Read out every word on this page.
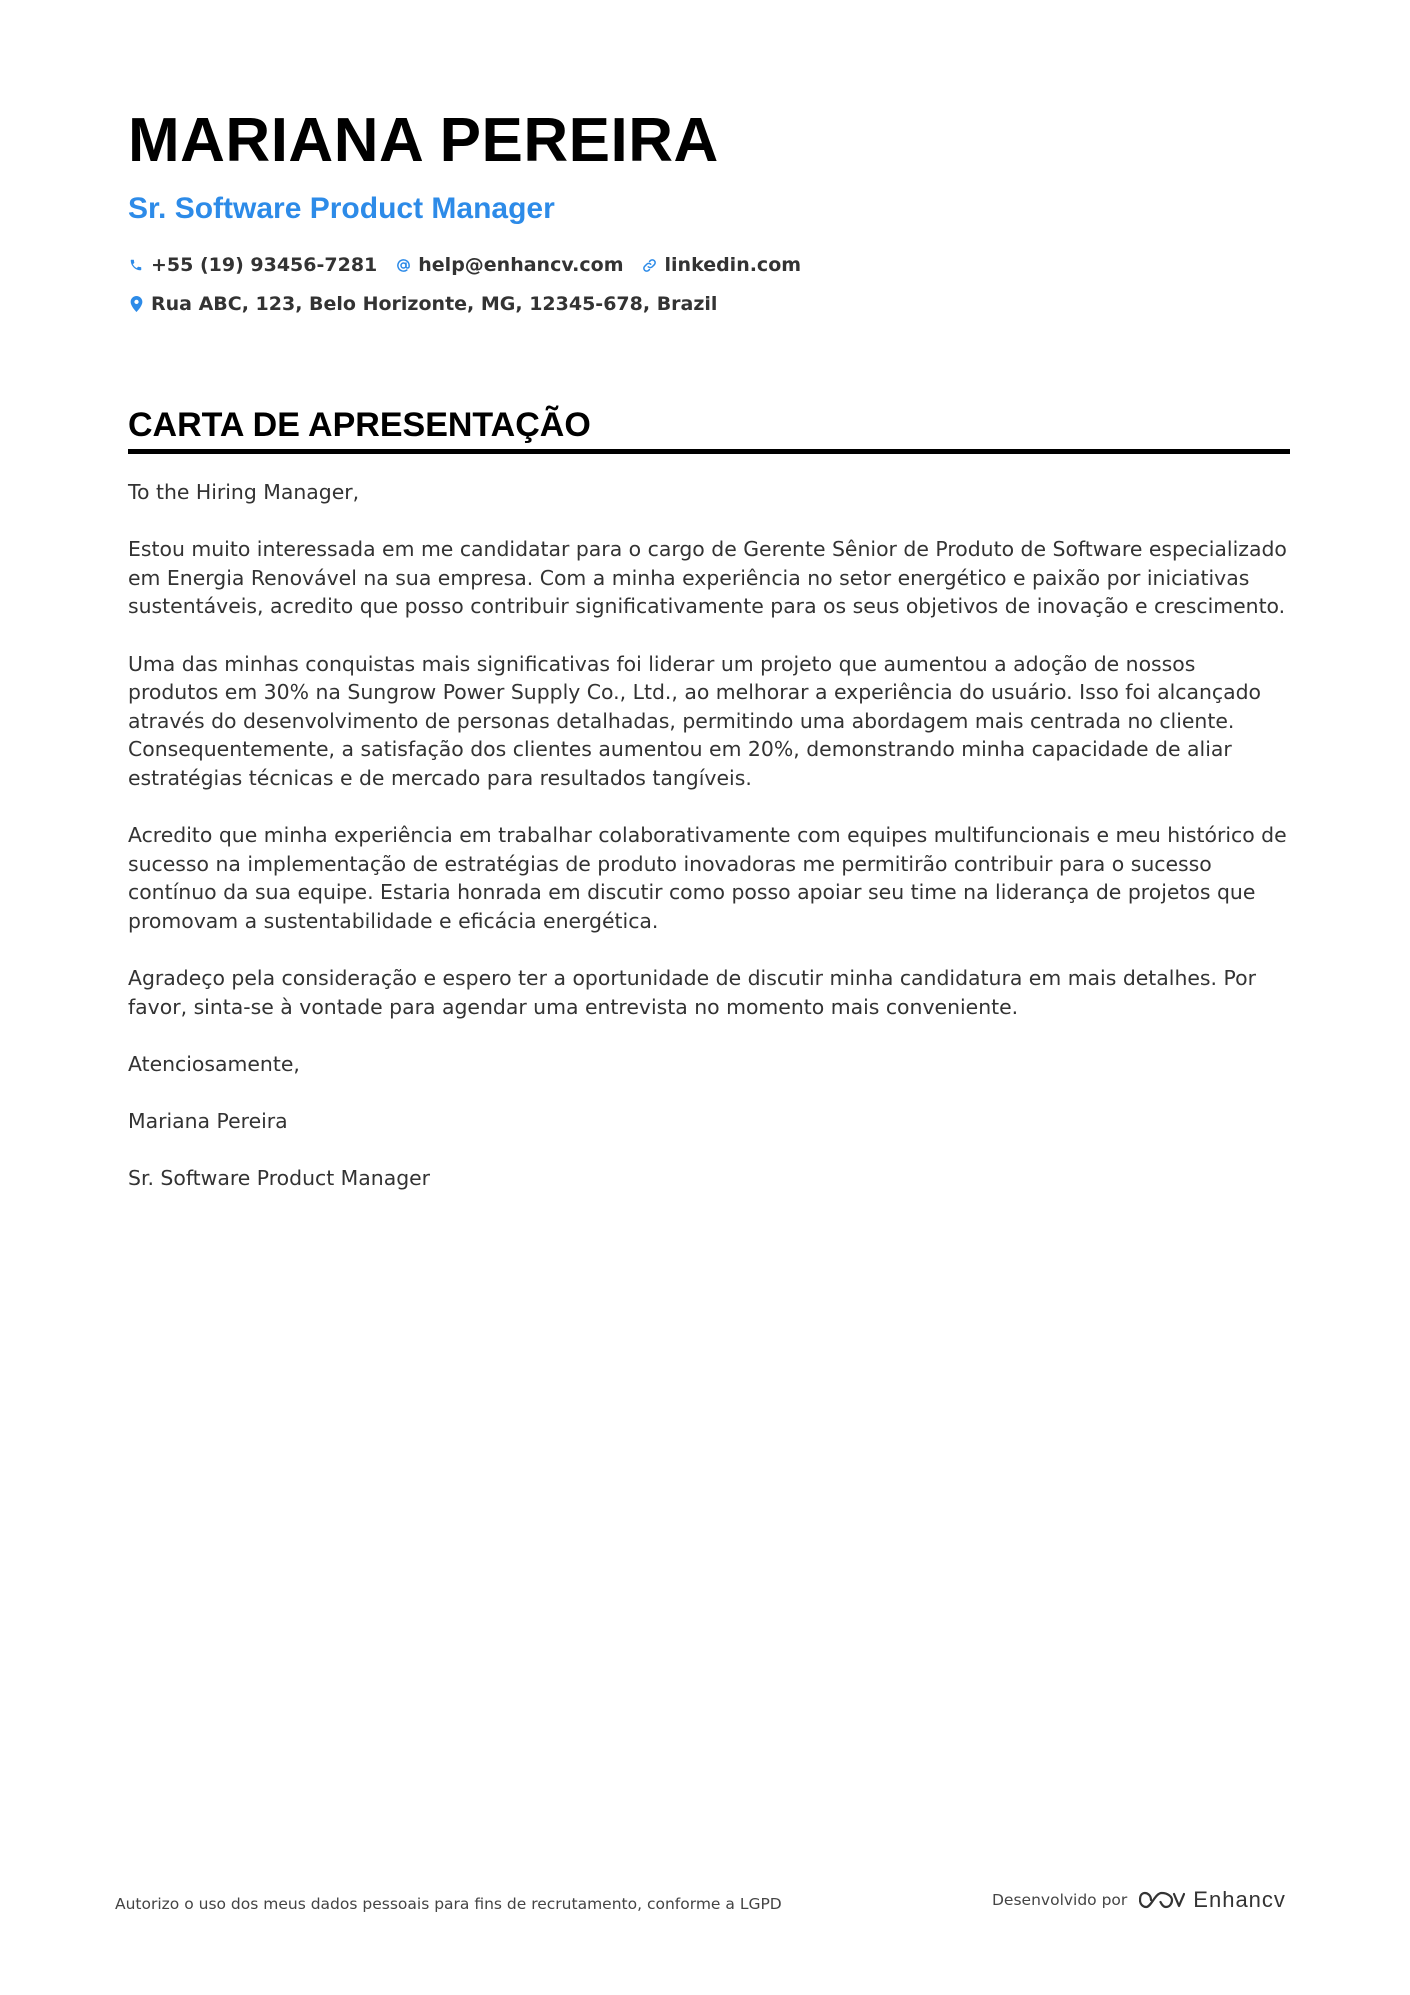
MARIANA PEREIRA
Sr. Software Product Manager
+55 (19) 93456-7281 help@enhancv.com linkedin.com
Rua ABC, 123, Belo Horizonte, MG, 12345-678, Brazil
CARTA DE APRESENTAÇÃO

To the Hiring Manager,

Estou muito interessada em me candidatar para o cargo de Gerente Sênior de Produto de Software especializado em Energia Renovável na sua empresa. Com a minha experiência no setor energético e paixão por iniciativas sustentáveis, acredito que posso contribuir significativamente para os seus objetivos de inovação e crescimento.

Uma das minhas conquistas mais significativas foi liderar um projeto que aumentou a adoção de nossos produtos em 30% na Sungrow Power Supply Co., Ltd., ao melhorar a experiência do usuário. Isso foi alcançado através do desenvolvimento de personas detalhadas, permitindo uma abordagem mais centrada no cliente. Consequentemente, a satisfação dos clientes aumentou em 20%, demonstrando minha capacidade de aliar estratégias técnicas e de mercado para resultados tangíveis.

Acredito que minha experiência em trabalhar colaborativamente com equipes multifuncionais e meu histórico de sucesso na implementação de estratégias de produto inovadoras me permitirão contribuir para o sucesso contínuo da sua equipe. Estaria honrada em discutir como posso apoiar seu time na liderança de projetos que promovam a sustentabilidade e eficácia energética.

Agradeço pela consideração e espero ter a oportunidade de discutir minha candidatura em mais detalhes. Por favor, sinta-se à vontade para agendar uma entrevista no momento mais conveniente.

Atenciosamente,

Mariana Pereira

Sr. Software Product Manager

Autorizo o uso dos meus dados pessoais para fins de recrutamento, conforme a LGPD	Desenvolvido por	Enhancv
